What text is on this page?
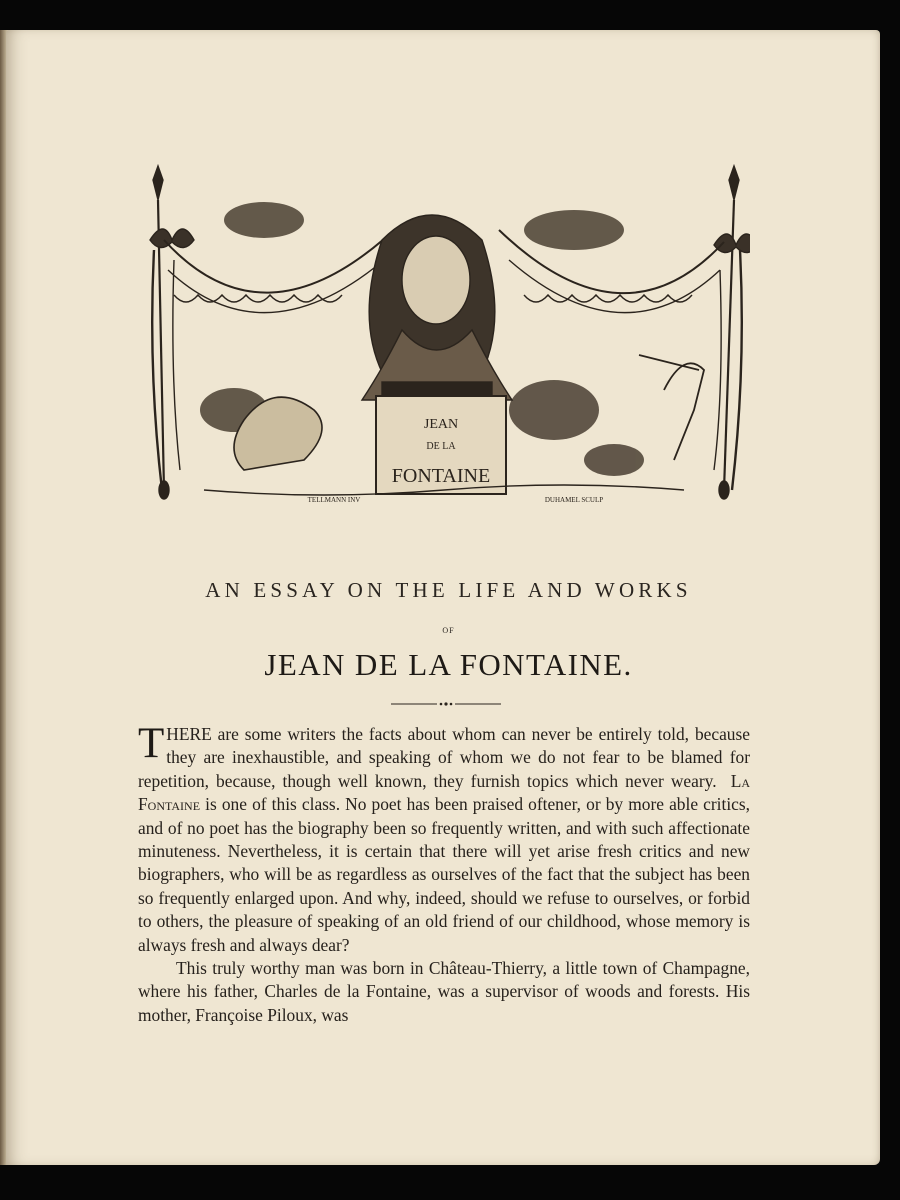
JEAN
DE LA
FONTAINE
TELLMANN INV	DUHAMEL SCULP
AN ESSAY ON THE LIFE AND WORKS
OF
JEAN DE LA FONTAINE.

THERE are some writers the facts about whom can never be entirely told, because they are inexhaustible, and speaking of whom we do not fear to be blamed for repetition, because, though well known, they furnish topics which never weary. La Fontaine is one of this class. No poet has been praised oftener, or by more able critics, and of no poet has the biography been so frequently written, and with such affectionate minuteness. Nevertheless, it is certain that there will yet arise fresh critics and new biographers, who will be as regardless as ourselves of the fact that the subject has been so frequently enlarged upon. And why, indeed, should we refuse to ourselves, or forbid to others, the pleasure of speaking of an old friend of our childhood, whose memory is always fresh and always dear?

This truly worthy man was born in Château-Thierry, a little town of Champagne, where his father, Charles de la Fontaine, was a supervisor of woods and forests. His mother, Françoise Piloux, was
